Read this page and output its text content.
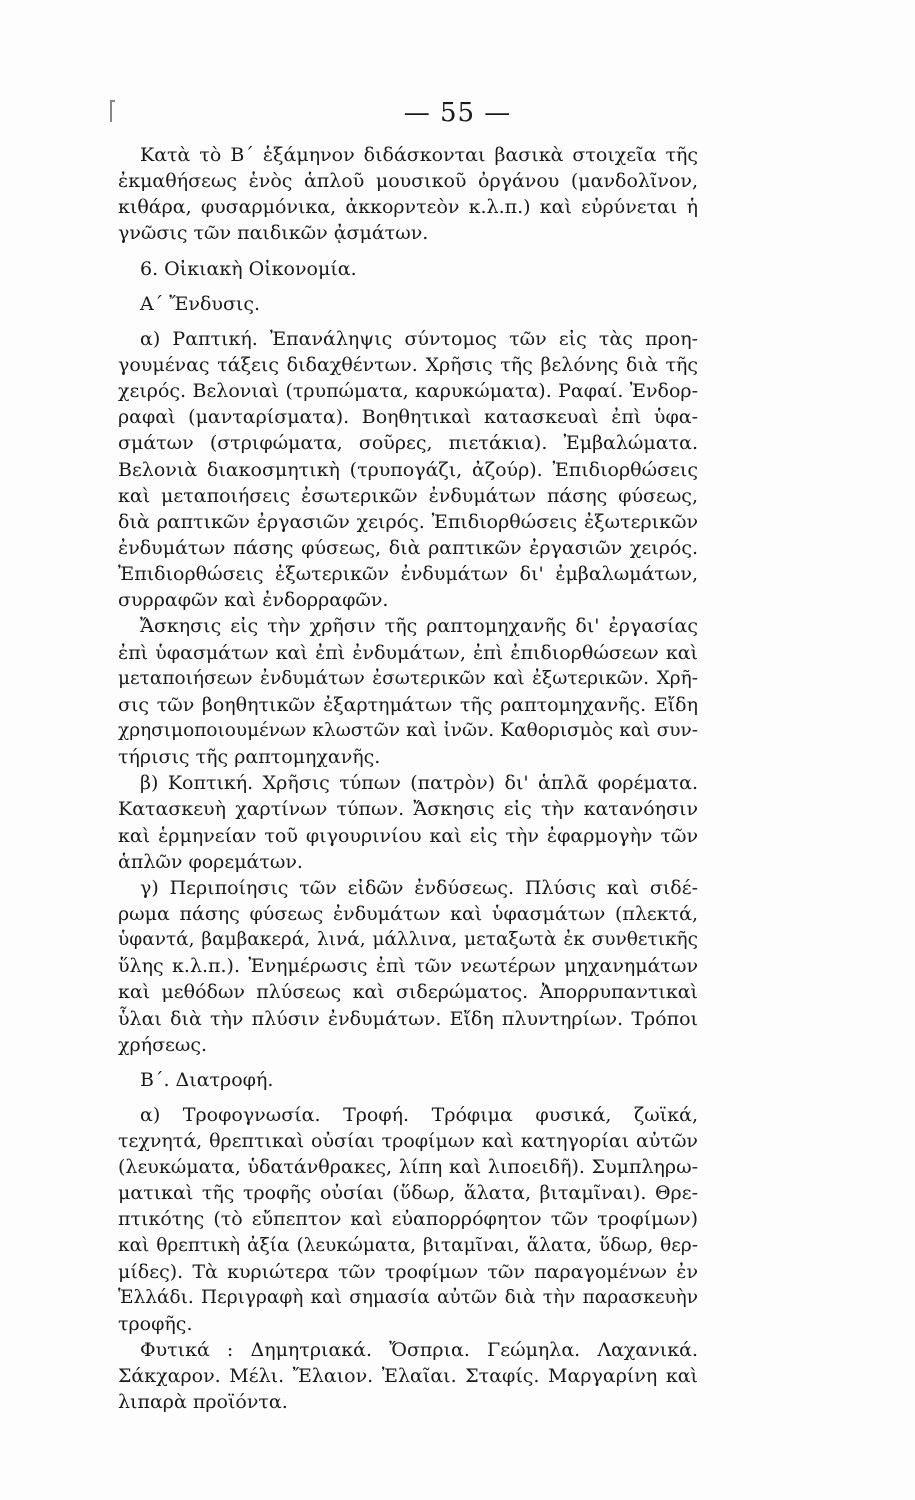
— 55 —
Κατὰ τὸ Β΄ ἑξάμηνον διδάσκονται βασικὰ στοιχεῖα τῆς
ἐκμαθήσεως ἑνὸς ἁπλοῦ μουσικοῦ ὀργάνου (μανδολῖνον,
κιθάρα, φυσαρμόνικα, ἀκκορντεὸν κ.λ.π.) καὶ εὐρύνεται ἡ
γνῶσις τῶν παιδικῶν ᾀσμάτων.
6. Οἰκιακὴ Οἰκονομία.
Α΄ Ἔνδυσις.
α) Ραπτική. Ἐπανάληψις σύντομος τῶν εἰς τὰς προη-
γουμένας τάξεις διδαχθέντων. Χρῆσις τῆς βελόνης διὰ τῆς
χειρός. Βελονιαὶ (τρυπώματα, καρυκώματα). Ραφαί. Ἐνδορ-
ραφαὶ (μανταρίσματα). Βοηθητικαὶ κατασκευαὶ ἐπὶ ὑφα-
σμάτων (στριφώματα, σοῦρες, πιετάκια). Ἐμβαλώματα.
Βελονιὰ διακοσμητικὴ (τρυπογάζι, ἀζούρ). Ἐπιδιορθώσεις
καὶ μεταποιήσεις ἐσωτερικῶν ἐνδυμάτων πάσης φύσεως,
διὰ ραπτικῶν ἐργασιῶν χειρός. Ἐπιδιορθώσεις ἐξωτερικῶν
ἐνδυμάτων πάσης φύσεως, διὰ ραπτικῶν ἐργασιῶν χειρός.
Ἐπιδιορθώσεις ἐξωτερικῶν ἐνδυμάτων δι' ἐμβαλωμάτων,
συρραφῶν καὶ ἐνδορραφῶν.
Ἄσκησις εἰς τὴν χρῆσιν τῆς ραπτομηχανῆς δι' ἐργασίας
ἐπὶ ὑφασμάτων καὶ ἐπὶ ἐνδυμάτων, ἐπὶ ἐπιδιορθώσεων καὶ
μεταποιήσεων ἐνδυμάτων ἐσωτερικῶν καὶ ἐξωτερικῶν. Χρῆ-
σις τῶν βοηθητικῶν ἐξαρτημάτων τῆς ραπτομηχανῆς. Εἴδη
χρησιμοποιουμένων κλωστῶν καὶ ἰνῶν. Καθορισμὸς καὶ συν-
τήρισις τῆς ραπτομηχανῆς.
β) Κοπτική. Χρῆσις τύπων (πατρὸν) δι' ἁπλᾶ φορέματα.
Κατασκευὴ χαρτίνων τύπων. Ἄσκησις εἰς τὴν κατανόησιν
καὶ ἑρμηνείαν τοῦ φιγουρινίου καὶ εἰς τὴν ἐφαρμογὴν τῶν
ἁπλῶν φορεμάτων.
γ) Περιποίησις τῶν εἰδῶν ἐνδύσεως. Πλύσις καὶ σιδέ-
ρωμα πάσης φύσεως ἐνδυμάτων καὶ ὑφασμάτων (πλεκτά,
ὑφαντά, βαμβακερά, λινά, μάλλινα, μεταξωτὰ ἐκ συνθετικῆς
ὕλης κ.λ.π.). Ἐνημέρωσις ἐπὶ τῶν νεωτέρων μηχανημάτων
καὶ μεθόδων πλύσεως καὶ σιδερώματος. Ἀπορρυπαντικαὶ
ὗλαι διὰ τὴν πλύσιν ἐνδυμάτων. Εἴδη πλυντηρίων. Τρόποι
χρήσεως.
Β΄. Διατροφή.
α) Τροφογνωσία. Τροφή. Τρόφιμα φυσικά, ζωϊκά,
τεχνητά, θρεπτικαὶ οὐσίαι τροφίμων καὶ κατηγορίαι αὐτῶν
(λευκώματα, ὑδατάνθρακες, λίπη καὶ λιποειδῆ). Συμπληρω-
ματικαὶ τῆς τροφῆς οὐσίαι (ὕδωρ, ἅλατα, βιταμῖναι). Θρε-
πτικότης (τὸ εὔπεπτον καὶ εὐαπορρόφητον τῶν τροφίμων)
καὶ θρεπτικὴ ἀξία (λευκώματα, βιταμῖναι, ἅλατα, ὕδωρ, θερ-
μίδες). Τὰ κυριώτερα τῶν τροφίμων τῶν παραγομένων ἐν
Ἑλλάδι. Περιγραφὴ καὶ σημασία αὐτῶν διὰ τὴν παρασκευὴν
τροφῆς.
Φυτικά : Δημητριακά. Ὄσπρια. Γεώμηλα. Λαχανικά.
Σάκχαρον. Μέλι. Ἔλαιον. Ἐλαῖαι. Σταφίς. Μαργαρίνη καὶ
λιπαρὰ προϊόντα.
